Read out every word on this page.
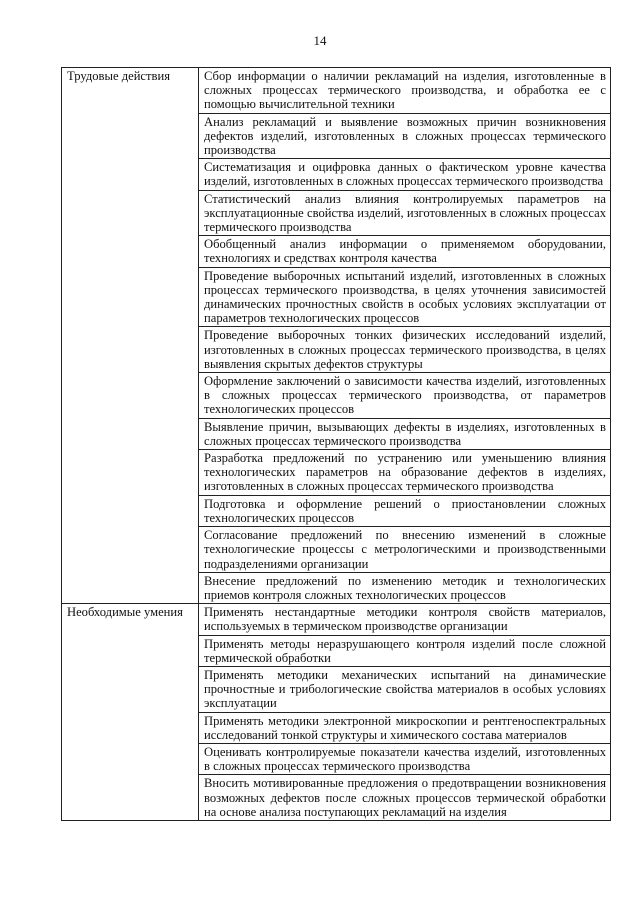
14
Трудовые действия	Сбор информации о наличии рекламаций на изделия, изготовленные в сложных процессах термического производства, и обработка ее с помощью вычислительной техники
	Анализ рекламаций и выявление возможных причин возникновения дефектов изделий, изготовленных в сложных процессах термического производства
	Систематизация и оцифровка данных о фактическом уровне качества изделий, изготовленных в сложных процессах термического производства
	Статистический анализ влияния контролируемых параметров на эксплуатационные свойства изделий, изготовленных в сложных процессах термического производства
	Обобщенный анализ информации о применяемом оборудовании, технологиях и средствах контроля качества
	Проведение выборочных испытаний изделий, изготовленных в сложных процессах термического производства, в целях уточнения зависимостей динамических прочностных свойств в особых условиях эксплуатации от параметров технологических процессов
	Проведение выборочных тонких физических исследований изделий, изготовленных в сложных процессах термического производства, в целях выявления скрытых дефектов структуры
	Оформление заключений о зависимости качества изделий, изготовленных в сложных процессах термического производства, от параметров технологических процессов
	Выявление причин, вызывающих дефекты в изделиях, изготовленных в сложных процессах термического производства
	Разработка предложений по устранению или уменьшению влияния технологических параметров на образование дефектов в изделиях, изготовленных в сложных процессах термического производства
	Подготовка и оформление решений о приостановлении сложных технологических процессов
	Согласование предложений по внесению изменений в сложные технологические процессы с метрологическими и производственными подразделениями организации
	Внесение предложений по изменению методик и технологических приемов контроля сложных технологических процессов
Необходимые умения	Применять нестандартные методики контроля свойств материалов, используемых в термическом производстве организации
	Применять методы неразрушающего контроля изделий после сложной термической обработки
	Применять методики механических испытаний на динамические прочностные и трибологические свойства материалов в особых условиях эксплуатации
	Применять методики электронной микроскопии и рентгеноспектральных исследований тонкой структуры и химического состава материалов
	Оценивать контролируемые показатели качества изделий, изготовленных в сложных процессах термического производства
	Вносить мотивированные предложения о предотвращении возникновения возможных дефектов после сложных процессов термической обработки на основе анализа поступающих рекламаций на изделия
